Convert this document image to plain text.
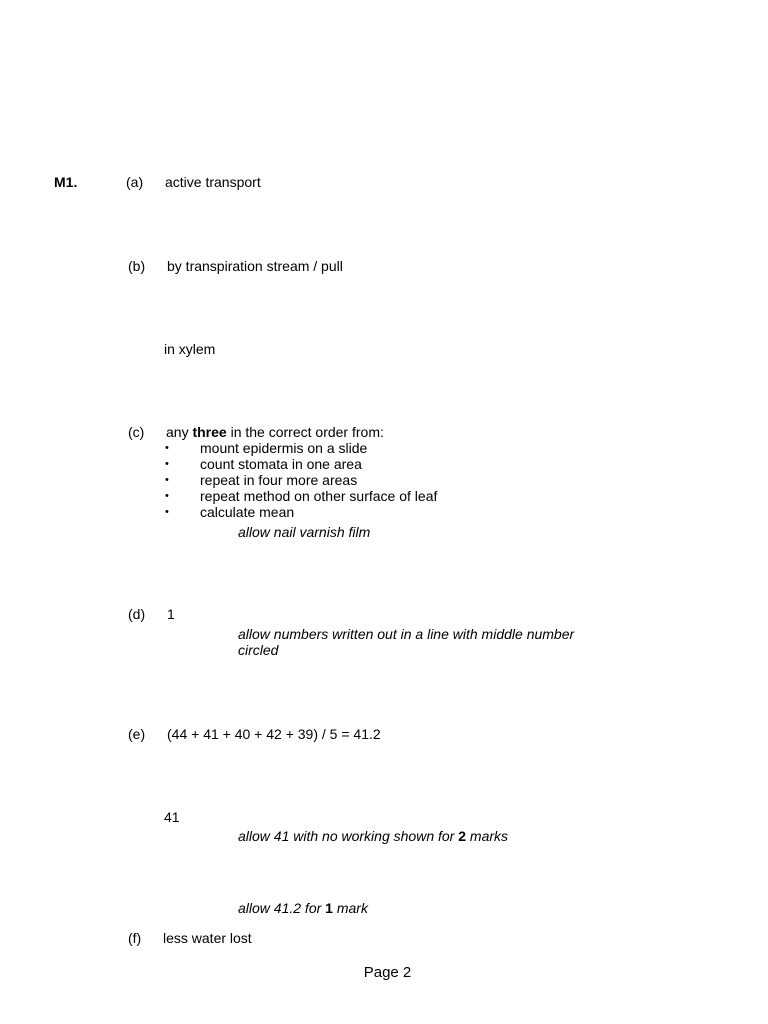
M1.	(a) active transport
(b) by transpiration stream / pull
in xylem
(c) any three in the correct order from:
• mount epidermis on a slide
• count stomata in one area
• repeat in four more areas
• repeat method on other surface of leaf
• calculate mean
allow nail varnish film
(d) 1
allow numbers written out in a line with middle number
circled
(e) (44 + 41 + 40 + 42 + 39) / 5 = 41.2
41
allow 41 with no working shown for 2 marks
allow 41.2 for 1 mark
(f) less water lost
Page 2
